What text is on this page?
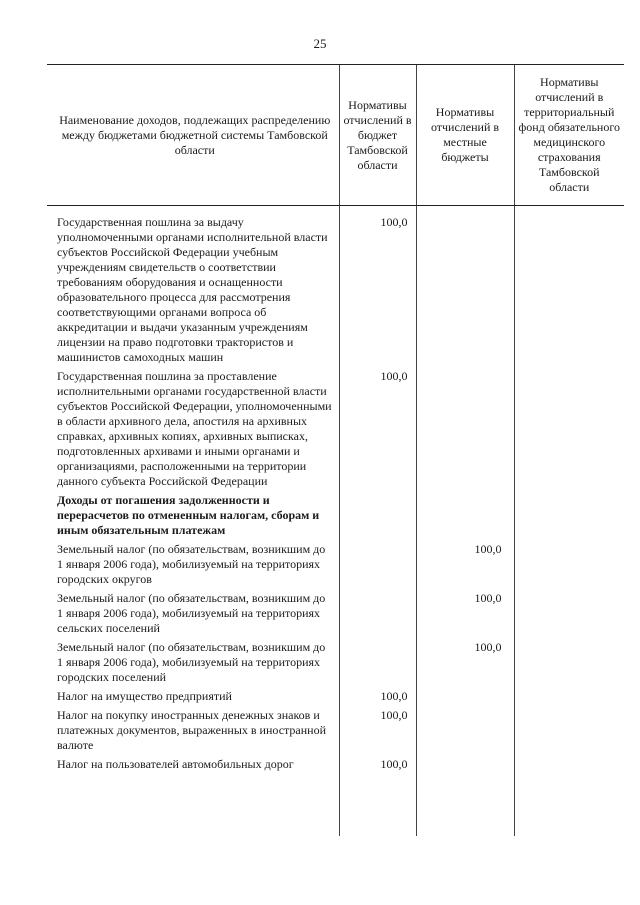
25
Наименование доходов, подлежащих распределению между бюджетами бюджетной системы Тамбовской области	Нормативы отчислений в бюджет Тамбовской области	Нормативы отчислений в местные бюджеты	Нормативы отчислений в территориальный фонд обязательного медицинского страхования Тамбовской области
Государственная пошлина за выдачу уполномоченными органами исполнительной власти субъектов Российской Федерации учебным учреждениям свидетельств о соответствии требованиям оборудования и оснащенности образовательного процесса для рассмотрения соответствующими органами вопроса об аккредитации и выдачи указанным учреждениям лицензии на право подготовки трактористов и машинистов самоходных машин	100,0		
Государственная пошлина за проставление исполнительными органами государственной власти субъектов Российской Федерации, уполномоченными в области архивного дела, апостиля на архивных справках, архивных копиях, архивных выписках, подготовленных архивами и иными органами и организациями, расположенными на территории данного субъекта Российской Федерации	100,0		
Доходы от погашения задолженности и перерасчетов по отмененным налогам, сборам и иным обязательным платежам			
Земельный налог (по обязательствам, возникшим до 1 января 2006 года), мобилизуемый на территориях городских округов		100,0	
Земельный налог (по обязательствам, возникшим до 1 января 2006 года), мобилизуемый на территориях сельских поселений		100,0	
Земельный налог (по обязательствам, возникшим до 1 января 2006 года), мобилизуемый на территориях городских поселений		100,0	
Налог на имущество предприятий	100,0		
Налог на покупку иностранных денежных знаков и платежных документов, выраженных в иностранной валюте	100,0		
Налог на пользователей автомобильных дорог	100,0		
